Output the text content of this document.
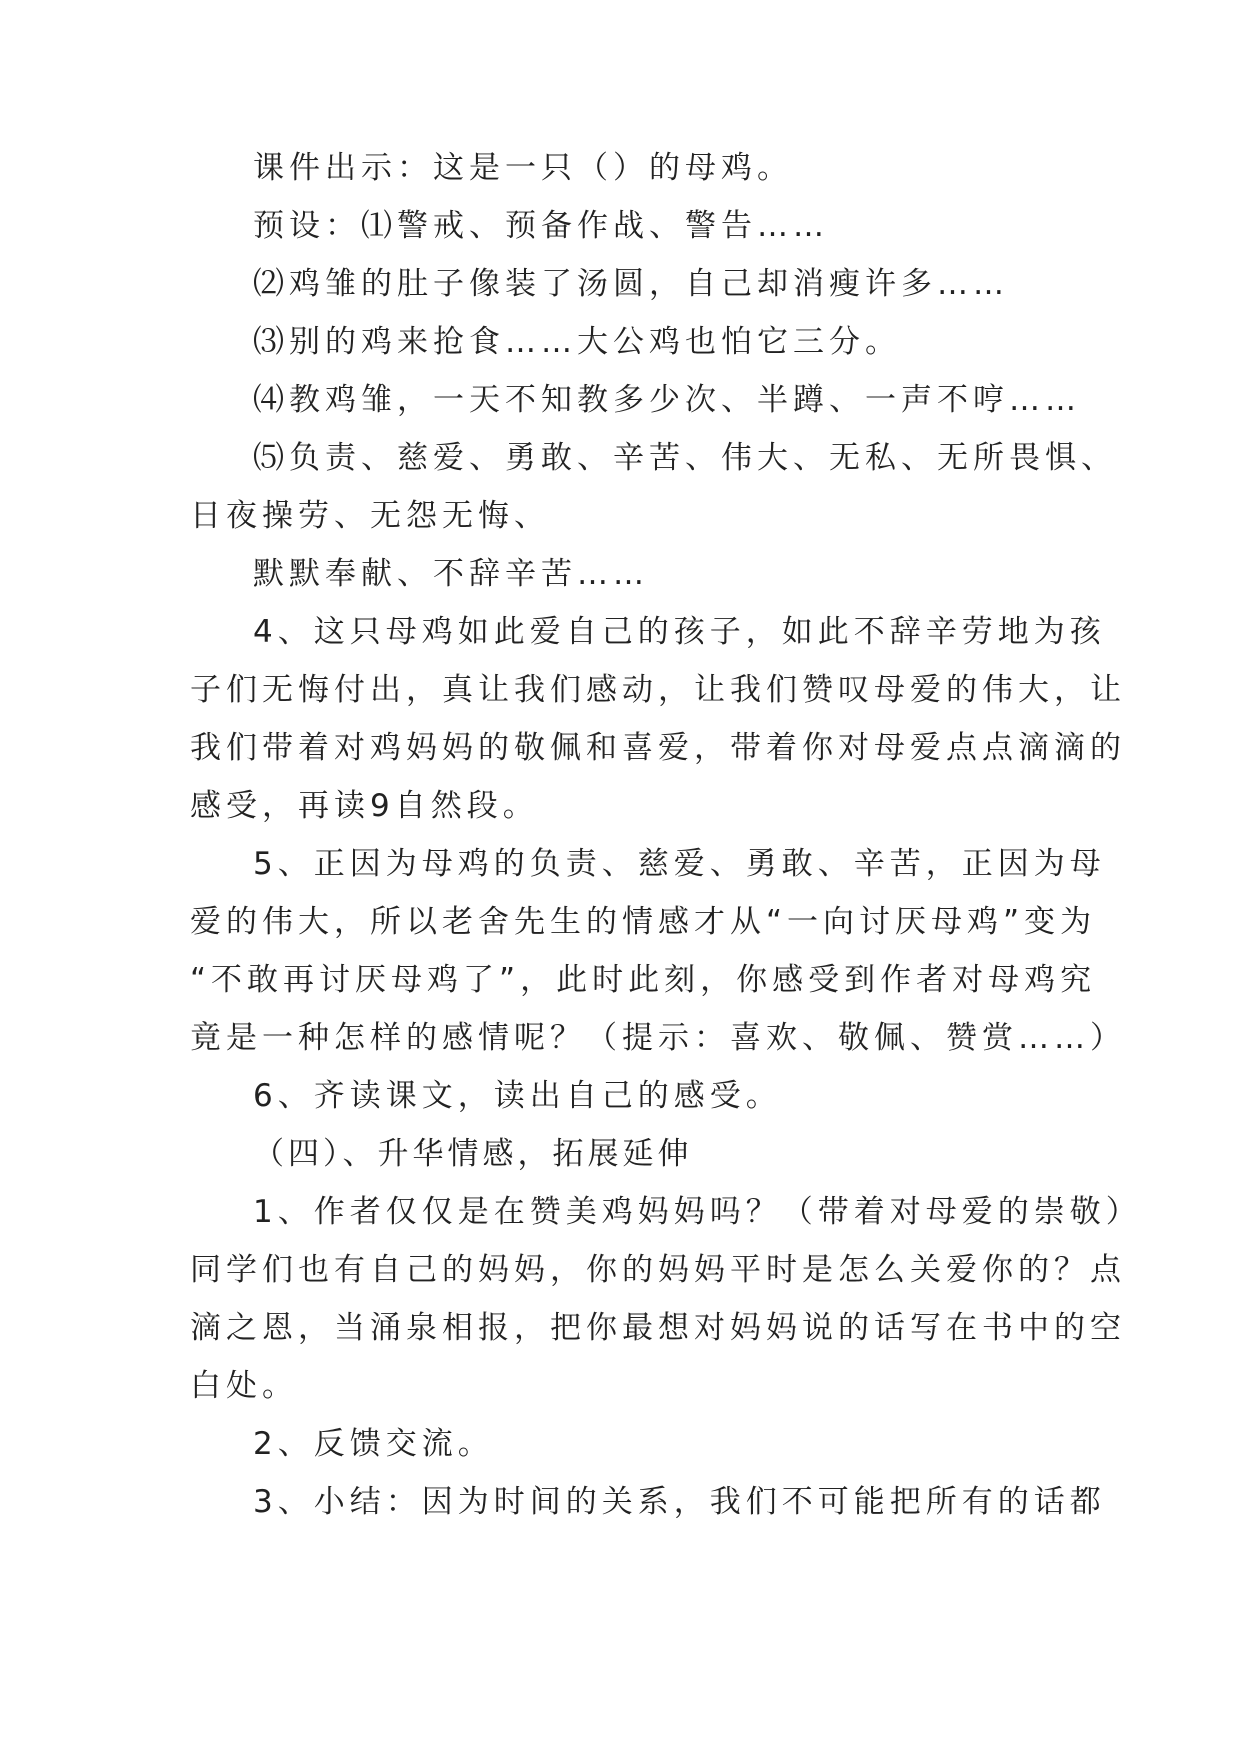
课件出示：这是一只（）的母鸡。
预设：⑴警戒、预备作战、警告……
⑵鸡雏的肚子像装了汤圆，自己却消瘦许多……
⑶别的鸡来抢食……大公鸡也怕它三分。
⑷教鸡雏，一天不知教多少次、半蹲、一声不哼……
⑸负责、慈爱、勇敢、辛苦、伟大、无私、无所畏惧、
日夜操劳、无怨无悔、
默默奉献、不辞辛苦……
4、这只母鸡如此爱自己的孩子，如此不辞辛劳地为孩
子们无悔付出，真让我们感动，让我们赞叹母爱的伟大，让
我们带着对鸡妈妈的敬佩和喜爱，带着你对母爱点点滴滴的
感受，再读9自然段。
5、正因为母鸡的负责、慈爱、勇敢、辛苦，正因为母
爱的伟大，所以老舍先生的情感才从“一向讨厌母鸡”变为
“不敢再讨厌母鸡了”，此时此刻，你感受到作者对母鸡究
竟是一种怎样的感情呢？（提示：喜欢、敬佩、赞赏……）
6、齐读课文，读出自己的感受。
（四）、升华情感，拓展延伸
1、作者仅仅是在赞美鸡妈妈吗？（带着对母爱的崇敬）
同学们也有自己的妈妈，你的妈妈平时是怎么关爱你的？点
滴之恩，当涌泉相报，把你最想对妈妈说的话写在书中的空
白处。
2、反馈交流。
3、小结：因为时间的关系，我们不可能把所有的话都
